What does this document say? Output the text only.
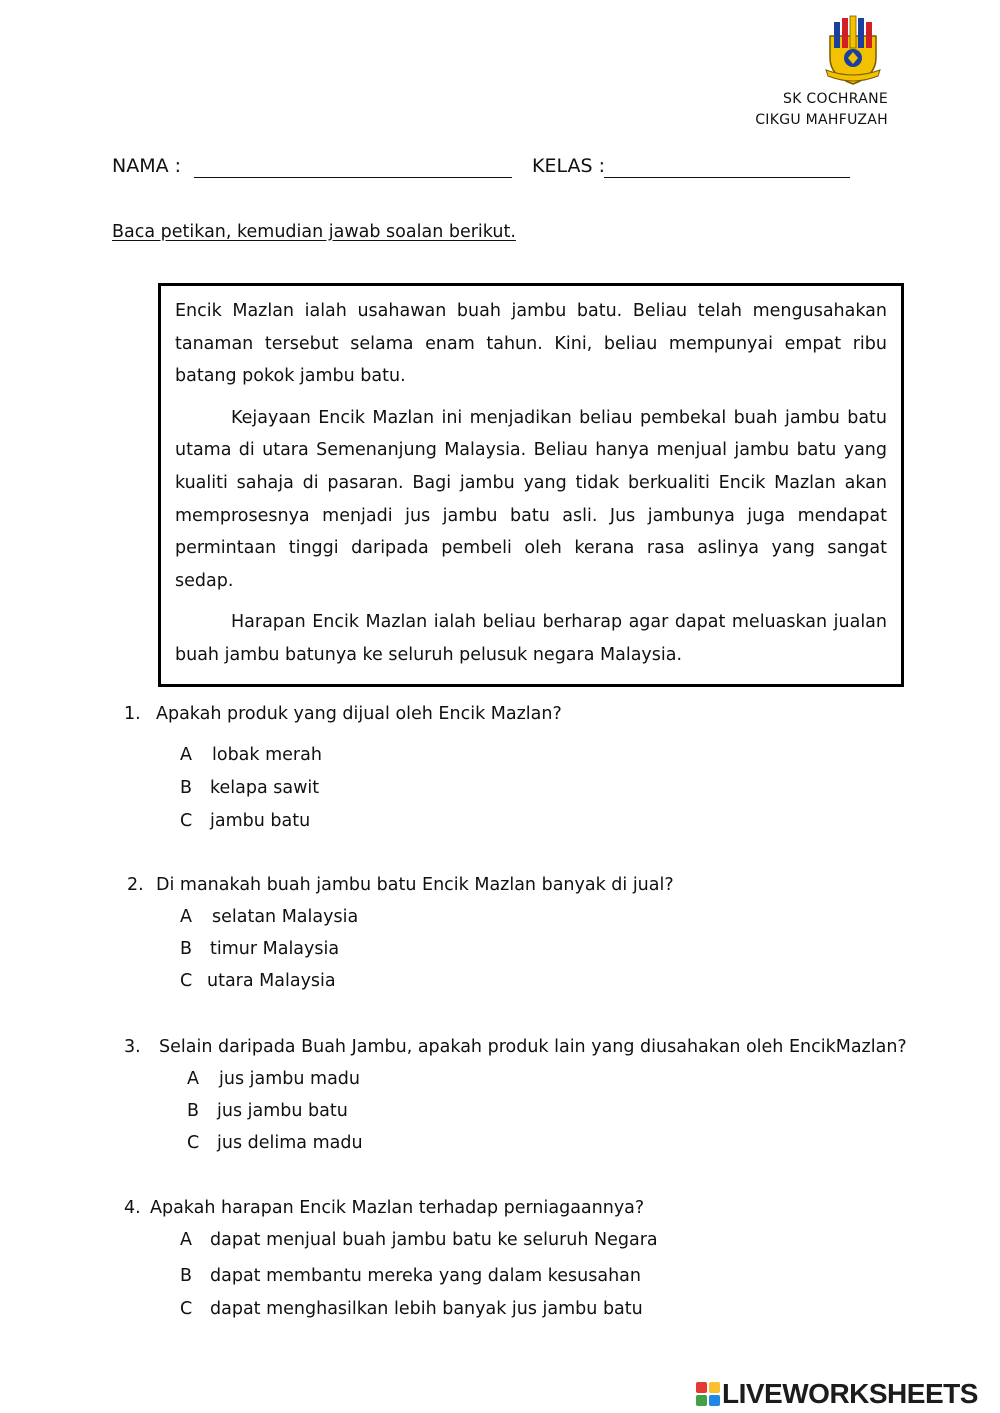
SK COCHRANE
CIKGU MAHFUZAH
NAMA :	KELAS :
Baca petikan, kemudian jawab soalan berikut.

Encik Mazlan ialah usahawan buah jambu batu. Beliau telah mengusahakan tanaman tersebut selama enam tahun. Kini, beliau mempunyai empat ribu batang pokok jambu batu.

Kejayaan Encik Mazlan ini menjadikan beliau pembekal buah jambu batu utama di utara Semenanjung Malaysia. Beliau hanya menjual jambu batu yang kualiti sahaja di pasaran. Bagi jambu yang tidak berkualiti Encik Mazlan akan memprosesnya menjadi jus jambu batu asli. Jus jambunya juga mendapat permintaan tinggi daripada pembeli oleh kerana rasa aslinya yang sangat sedap.

Harapan Encik Mazlan ialah beliau berharap agar dapat meluaskan jualan buah jambu batunya ke seluruh pelusuk negara Malaysia.

1. Apakah produk yang dijual oleh Encik Mazlan?
A lobak merah
B kelapa sawit
C jambu batu
2. Di manakah buah jambu batu Encik Mazlan banyak di jual?
A selatan Malaysia
B timur Malaysia
C utara Malaysia
3. Selain daripada Buah Jambu, apakah produk lain yang diusahakan oleh EncikMazlan?
A jus jambu madu
B jus jambu batu
C jus delima madu
4. Apakah harapan Encik Mazlan terhadap perniagaannya?
A dapat menjual buah jambu batu ke seluruh Negara
B dapat membantu mereka yang dalam kesusahan
C dapat menghasilkan lebih banyak jus jambu batu
LIVEWORKSHEETS
